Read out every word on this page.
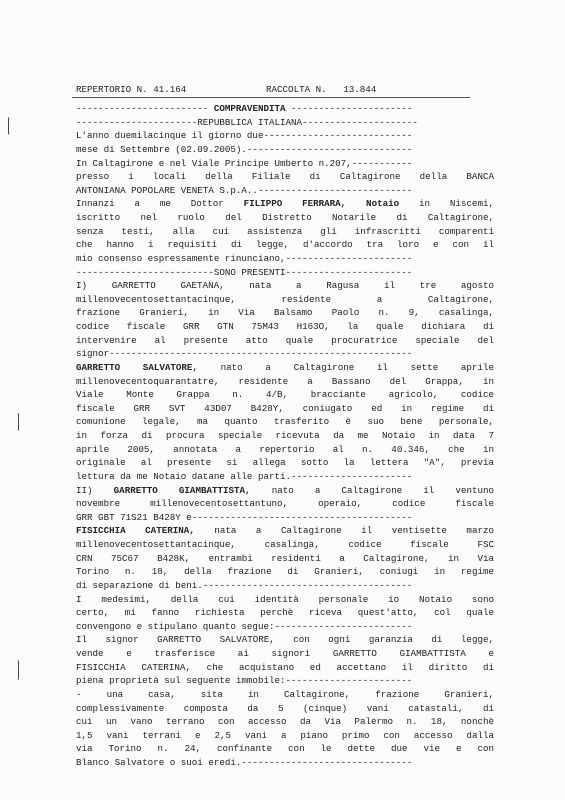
REPERTORIO N. 41.164

	RACCOLTA N.   13.844

------------------------ COMPRAVENDITA ----------------------
----------------------REPUBBLICA ITALIANA---------------------
L'anno duemilacinque il giorno due---------------------------
mese di Settembre (02.09.2005).------------------------------
In Caltagirone e nel Viale Principe Umberto n.207,-----------
presso i locali della Filiale di Caltagirone della BANCA
ANTONIANA POPOLARE VENETA S.p.A..----------------------------
Innanzi a me Dottor FILIPPO FERRARA, Notaio in Niscemi,
iscritto nel ruolo del Distretto Notarile di Caltagirone,
senza testi, alla cui assistenza gli infrascritti comparenti
che hanno i requisiti di legge, d'accordo tra loro e con il
mio consenso espressamente rinunciano,-----------------------
-------------------------SONO PRESENTI-----------------------
I) GARRETTO GAETANA, nata a Ragusa il tre agosto
millenovecentosettantacinque, residente a Caltagirone,
frazione Granieri, in Via Balsamo Paolo n. 9, casalinga,
codice fiscale GRR GTN 75M43 H163O, la quale dichiara di
intervenire al presente atto quale procuratrice speciale del
signor-------------------------------------------------------
GARRETTO SALVATORE, nato a Caltagirone il sette aprile
millenovecentoquarantatre, residente a Bassano del Grappa, in
Viale Monte Grappa n. 4/B, bracciante agricolo, codice
fiscale GRR SVT 43D07 B428Y, coniugato ed in regime di
comunione legale, ma quanto trasferito è suo bene personale,
in forza di procura speciale ricevuta da me Notaio in data 7
aprile 2005, annotata a repertorio al n. 40.346, che in
originale al presente si allega sotto la lettera "A", previa
lettura da me Notaio datane alle parti.----------------------
II) GARRETTO GIAMBATTISTA, nato a Caltagirone il ventuno
novembre millenovecentosettantuno, operaio, codice fiscale
GRR GBT 71S21 B428Y e----------------------------------------
FISICCHIA CATERINA, nata a Caltagirone il ventisette marzo
millenovecentosettantacinque, casalinga, codice fiscale FSC
CRN 75C67 B428K, entrambi residenti a Caltagirone, in Via
Torino n. 18, della frazione di Granieri, coniugi in regime
di separazione di beni.--------------------------------------
I medesimi, della cui identità personale io Notaio sono
certo, mi fanno richiesta perchè riceva quest'atto, col quale
convengono e stipulano quanto segue:-------------------------
Il signor GARRETTO SALVATORE, con ogni garanzia di legge,
vende e trasferisce ai signori GARRETTO GIAMBATTISTA e
FISICCHIA CATERINA, che acquistano ed accettano il diritto di
piena proprietà sul seguente immobile:-----------------------
- una casa, sita in Caltagirone, frazione Granieri,
complessivamente composta da 5 (cinque) vani catastali, di
cui un vano terrano con accesso da Via Palermo n. 18, nonchè
1,5 vani terrani e 2,5 vani a piano primo con accesso dalla
via Torino n. 24, confinante con le dette due vie e con
Blanco Salvatore o suoi eredi.-------------------------------
